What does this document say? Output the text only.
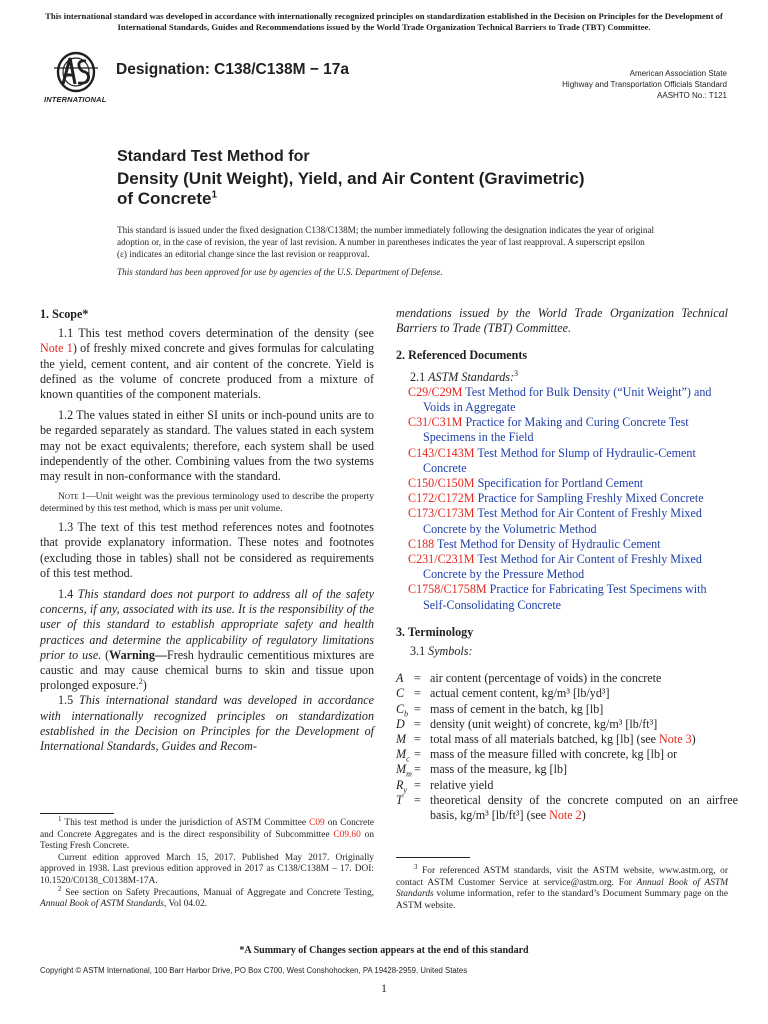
This international standard was developed in accordance with internationally recognized principles on standardization established in the Decision on Principles for the Development of International Standards, Guides and Recommendations issued by the World Trade Organization Technical Barriers to Trade (TBT) Committee.
INTERNATIONAL
Designation: C138/C138M − 17a	American Association State
Highway and Transportation Officials Standard
AASHTO No.: T121
Standard Test Method for
Density (Unit Weight), Yield, and Air Content (Gravimetric)
of Concrete$^1$
This standard is issued under the fixed designation C138/C138M; the number immediately following the designation indicates the year of original adoption or, in the case of revision, the year of last revision. A number in parentheses indicates the year of last reapproval. A superscript epsilon (ε) indicates an editorial change since the last revision or reapproval.
This standard has been approved for use by agencies of the U.S. Department of Defense.
1. Scope*

1.1 This test method covers determination of the density (see Note 1) of freshly mixed concrete and gives formulas for calculating the yield, cement content, and air content of the concrete. Yield is defined as the volume of concrete produced from a mixture of known quantities of the component materials.

1.2 The values stated in either SI units or inch-pound units are to be regarded separately as standard. The values stated in each system may not be exact equivalents; therefore, each system shall be used independently of the other. Combining values from the two systems may result in non-conformance with the standard.

Note 1—Unit weight was the previous terminology used to describe the property determined by this test method, which is mass per unit volume.

1.3 The text of this test method references notes and footnotes that provide explanatory information. These notes and footnotes (excluding those in tables) shall not be considered as requirements of this test method.

1.4 This standard does not purport to address all of the safety concerns, if any, associated with its use. It is the responsibility of the user of this standard to establish appropriate safety and health practices and determine the applicability of regulatory limitations prior to use. (Warning—Fresh hydraulic cementitious mixtures are caustic and may cause chemical burns to skin and tissue upon prolonged exposure.$^2$)

1.5 This international standard was developed in accordance with internationally recognized principles on standardization established in the Decision on Principles for the Development of International Standards, Guides and Recom-

$^1$ This test method is under the jurisdiction of ASTM Committee C09 on Concrete and Concrete Aggregates and is the direct responsibility of Subcommittee C09.60 on Testing Fresh Concrete.

Current edition approved March 15, 2017. Published May 2017. Originally approved in 1938. Last previous edition approved in 2017 as C138/C138M – 17. DOI: 10.1520/C0138_C0138M-17A.

$^2$ See section on Safety Precautions, Manual of Aggregate and Concrete Testing, Annual Book of ASTM Standards, Vol 04.02.

mendations issued by the World Trade Organization Technical Barriers to Trade (TBT) Committee.

2. Referenced Documents
2.1 ASTM Standards:$^3$
C29/C29M Test Method for Bulk Density (“Unit Weight”) and Voids in Aggregate
C31/C31M Practice for Making and Curing Concrete Test Specimens in the Field
C143/C143M Test Method for Slump of Hydraulic-Cement Concrete
C150/C150M Specification for Portland Cement
C172/C172M Practice for Sampling Freshly Mixed Concrete
C173/C173M Test Method for Air Content of Freshly Mixed Concrete by the Volumetric Method
C188 Test Method for Density of Hydraulic Cement
C231/C231M Test Method for Air Content of Freshly Mixed Concrete by the Pressure Method
C1758/C1758M Practice for Fabricating Test Specimens with Self-Consolidating Concrete
3. Terminology
3.1 Symbols:
A = air content (percentage of voids) in the concrete
C = actual cement content, kg/m³ [lb/yd³]
$C_b$ = mass of cement in the batch, kg [lb]
D = density (unit weight) of concrete, kg/m³ [lb/ft³]
M = total mass of all materials batched, kg [lb] (see Note 3)
$M_c$ = mass of the measure filled with concrete, kg [lb] or
$M_m$ = mass of the measure, kg [lb]
$R_y$ = relative yield
T = theoretical density of the concrete computed on an airfree basis, kg/m³ [lb/ft³] (see Note 2)

$^3$ For referenced ASTM standards, visit the ASTM website, www.astm.org, or contact ASTM Customer Service at service@astm.org. For Annual Book of ASTM Standards volume information, refer to the standard’s Document Summary page on the ASTM website.

*A Summary of Changes section appears at the end of this standard
Copyright © ASTM International, 100 Barr Harbor Drive, PO Box C700, West Conshohocken, PA 19428-2959. United States
1
